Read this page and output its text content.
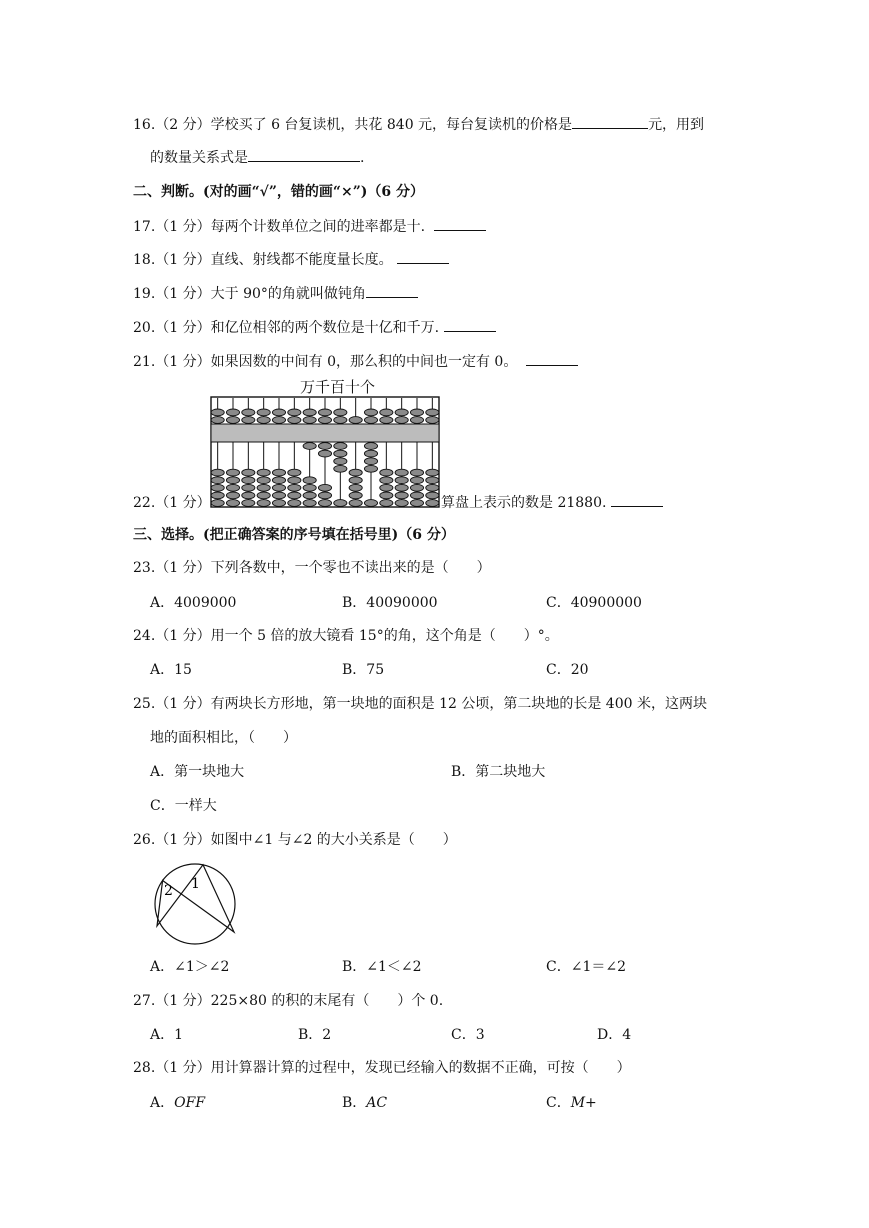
16.（2 分）学校买了 6 台复读机，共花 840 元，每台复读机的价格是	元，用到
的数量关系式是	.
二、判断。(对的画“√”，错的画“×”)（6 分）
17.（1 分）每两个计数单位之间的进率都是十.
18.（1 分）直线、射线都不能度量长度。
19.（1 分）大于 90°的角就叫做钝角
20.（1 分）和亿位相邻的两个数位是十亿和千万.
21.（1 分）如果因数的中间有 0，那么积的中间也一定有 0。
万千百十个
22.（1 分）	算盘上表示的数是 21880.
三、选择。(把正确答案的序号填在括号里)（6 分）
23.（1 分）下列各数中，一个零也不读出来的是（　　）
A．4009000	B．40090000	C．40900000
24.（1 分）用一个 5 倍的放大镜看 15°的角，这个角是（　　）°。
A．15	B．75	C．20
25.（1 分）有两块长方形地，第一块地的面积是 12 公顷，第二块地的长是 400 米，这两块
地的面积相比，（　　）
A．第一块地大	B．第二块地大
C．一样大
26.（1 分）如图中∠1 与∠2 的大小关系是（　　）
2 1
A．∠1＞∠2	B．∠1＜∠2	C．∠1＝∠2
27.（1 分）225×80 的积的末尾有（　　）个 0.
A．1	B．2	C．3	D．4
28.（1 分）用计算器计算的过程中，发现已经输入的数据不正确，可按（　　）
A．OFF	B．AC	C．M+
